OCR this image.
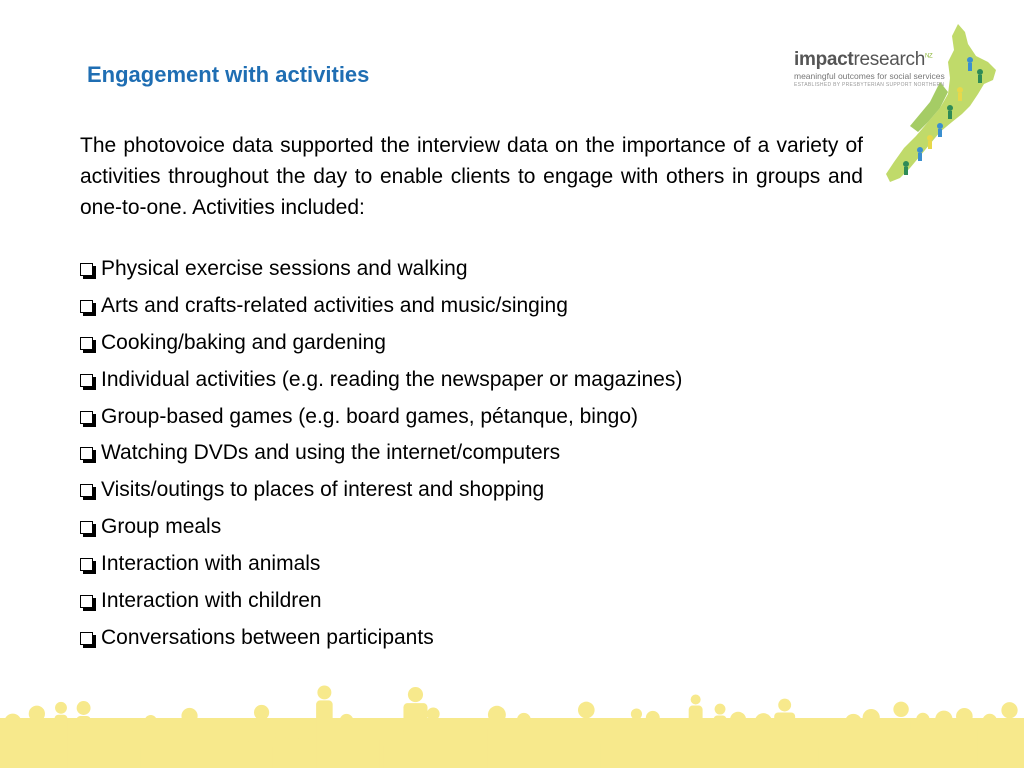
impactresearch$^{NZ}$
meaningful outcomes for social services
ESTABLISHED BY PRESBYTERIAN SUPPORT NORTHERN
Engagement with activities
The photovoice data supported the interview data on the importance of a variety of activities throughout the day to enable clients to engage with others in groups and one-to-one. Activities included:
Physical exercise sessions and walking
Arts and crafts-related activities and music/singing
Cooking/baking and gardening
Individual activities (e.g. reading the newspaper or magazines)
Group-based games (e.g. board games, pétanque, bingo)
Watching DVDs and using the internet/computers
Visits/outings to places of interest and shopping
Group meals
Interaction with animals
Interaction with children
Conversations between participants
